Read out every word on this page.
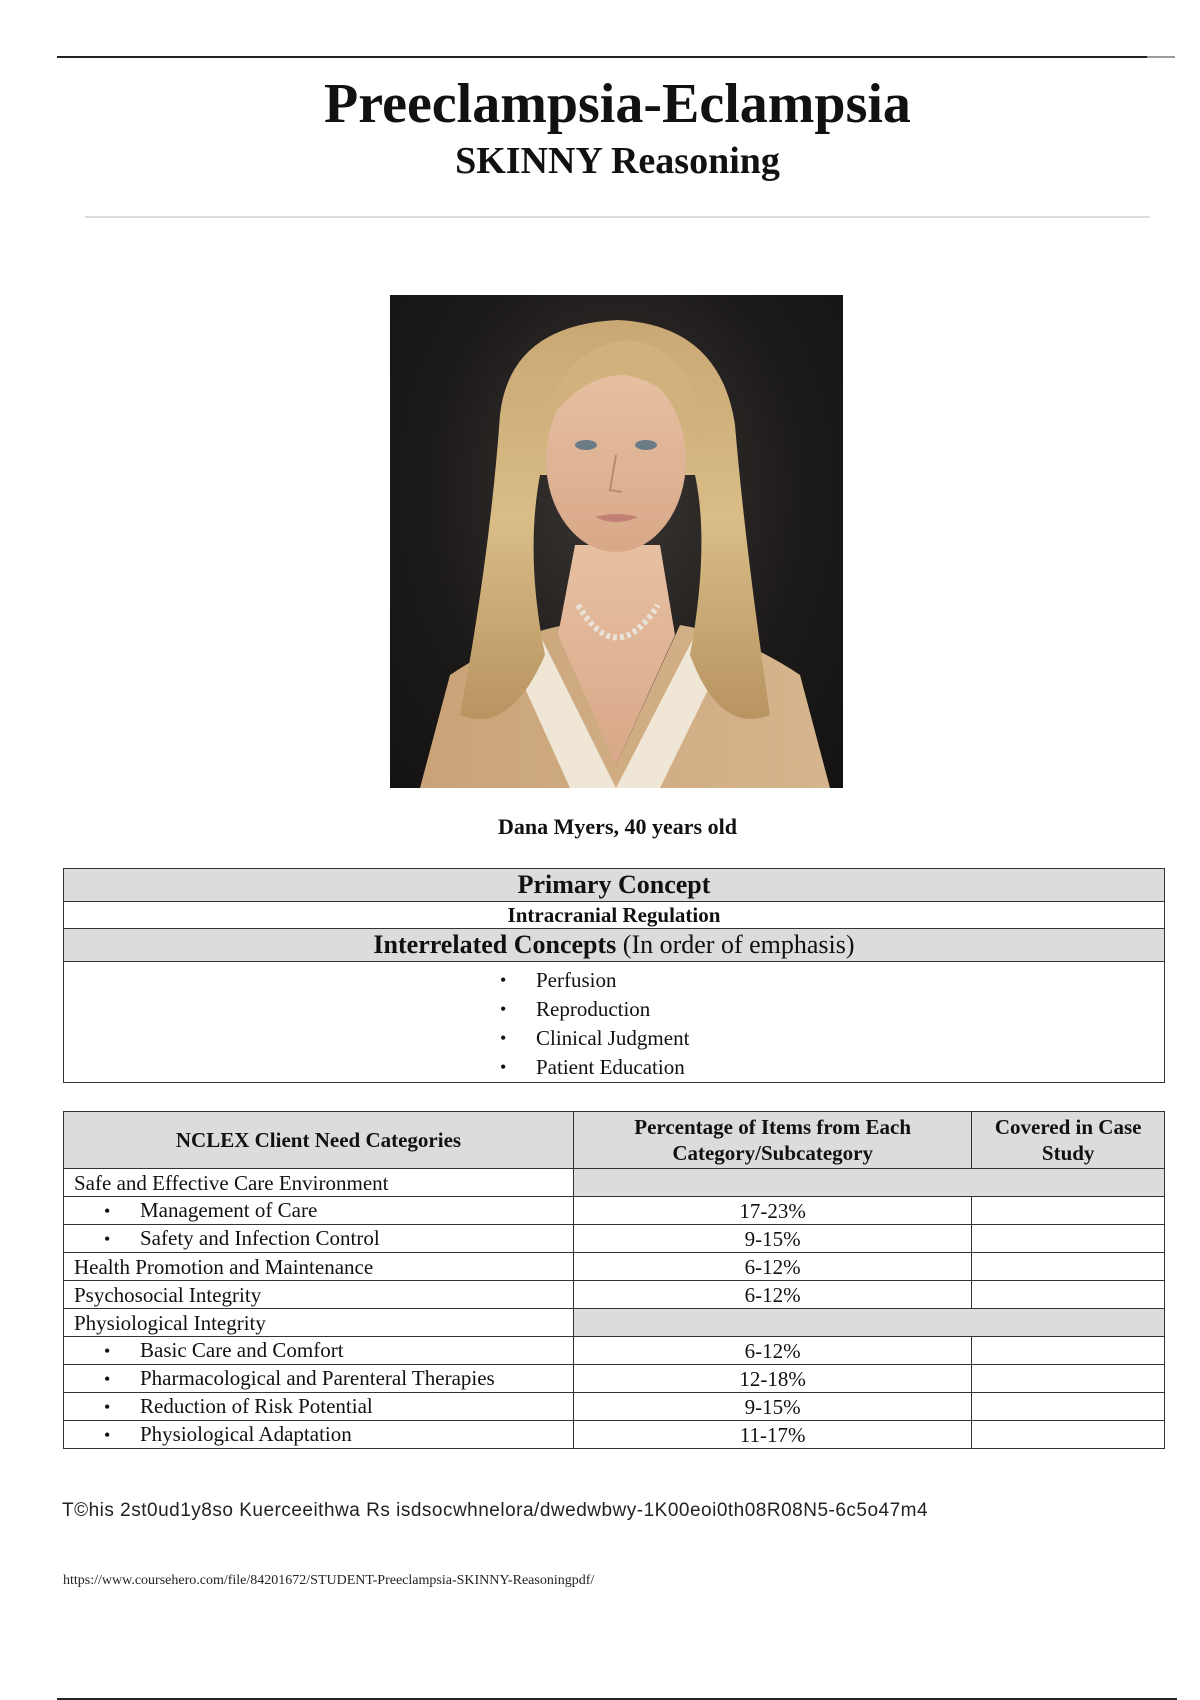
Preeclampsia-Eclampsia
SKINNY Reasoning
Dana Myers, 40 years old
Primary Concept
Intracranial Regulation
Interrelated Concepts (In order of emphasis)

• Perfusion
• Reproduction
• Clinical Judgment
• Patient Education
NCLEX Client Need Categories	Percentage of Items from Each Category/Subcategory	Covered in Case Study
Safe and Effective Care Environment		
• Management of Care	17-23%	
• Safety and Infection Control	9-15%	
Health Promotion and Maintenance	6-12%	
Psychosocial Integrity	6-12%	
Physiological Integrity		
• Basic Care and Comfort	6-12%	
• Pharmacological and Parenteral Therapies	12-18%	
• Reduction of Risk Potential	9-15%	
• Physiological Adaptation	11-17%	
T©his 2st0ud1y8so Kuerceeithwa Rs isdsocwhnelora/dwedwbwy-1K00eoi0th08R08N5-6c5o47m4
https://www.coursehero.com/file/84201672/STUDENT-Preeclampsia-SKINNY-Reasoningpdf/
